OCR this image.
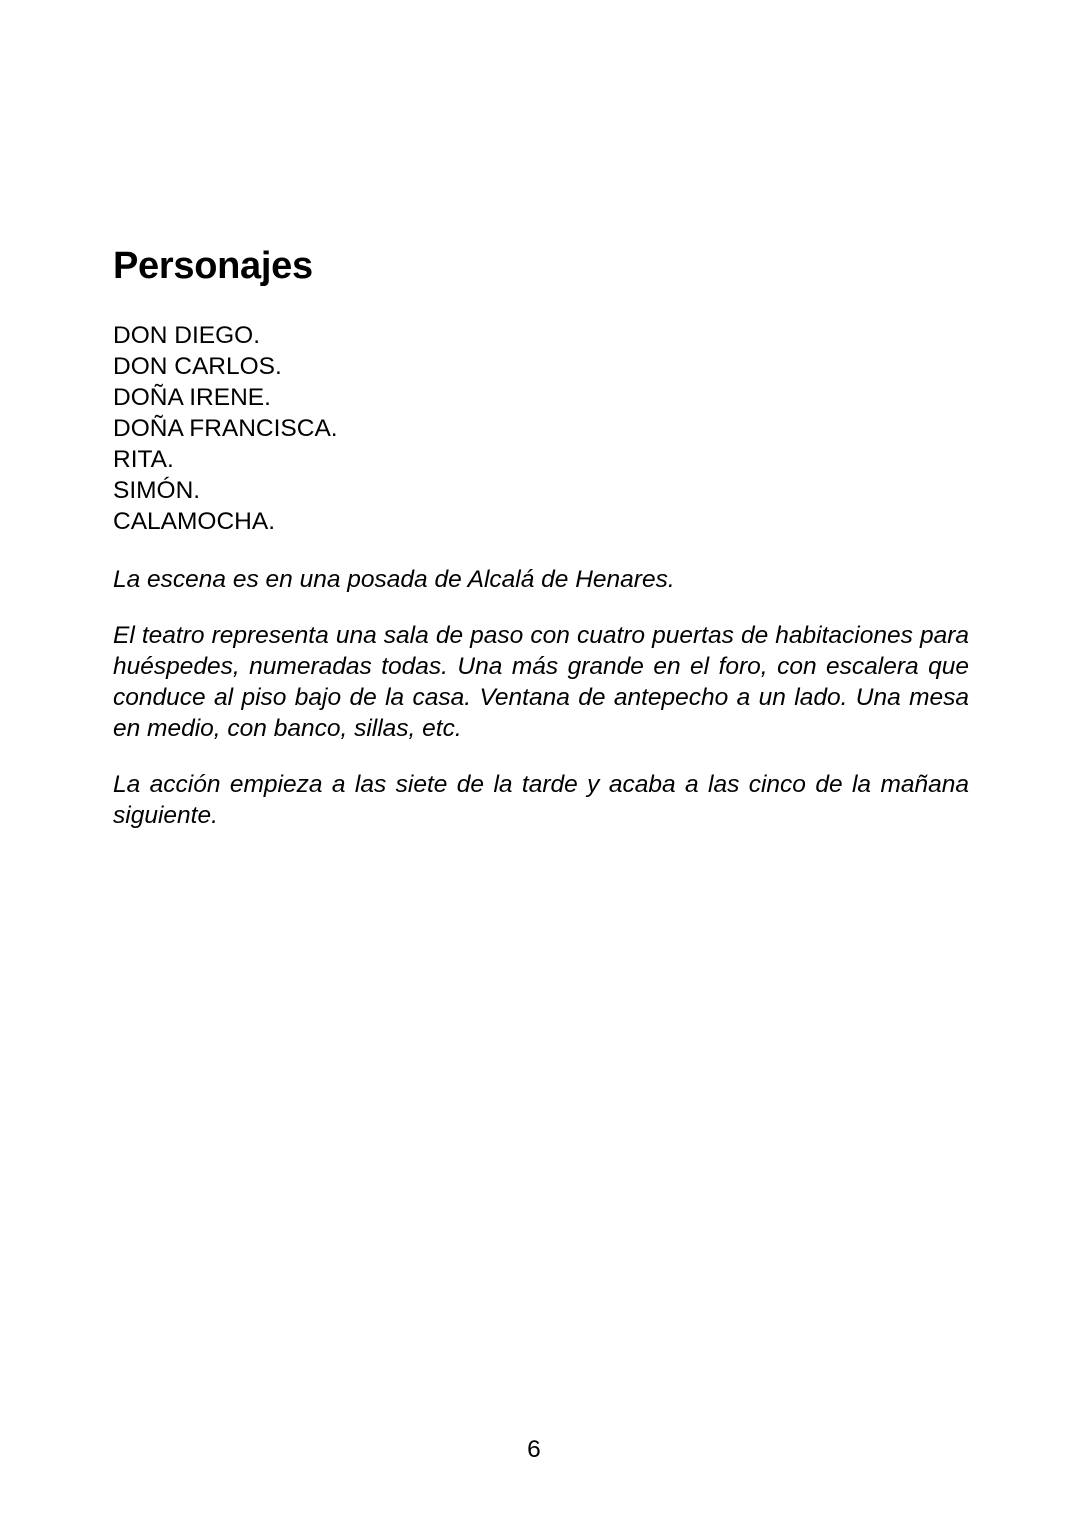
Personajes
DON DIEGO.
DON CARLOS.
DOÑA IRENE.
DOÑA FRANCISCA.
RITA.
SIMÓN.
CALAMOCHA.

La escena es en una posada de Alcalá de Henares.

El teatro representa una sala de paso con cuatro puertas de habitaciones para huéspedes, numeradas todas. Una más grande en el foro, con escalera que conduce al piso bajo de la casa. Ventana de antepecho a un lado. Una mesa en medio, con banco, sillas, etc.

La acción empieza a las siete de la tarde y acaba a las cinco de la mañana siguiente.

6
